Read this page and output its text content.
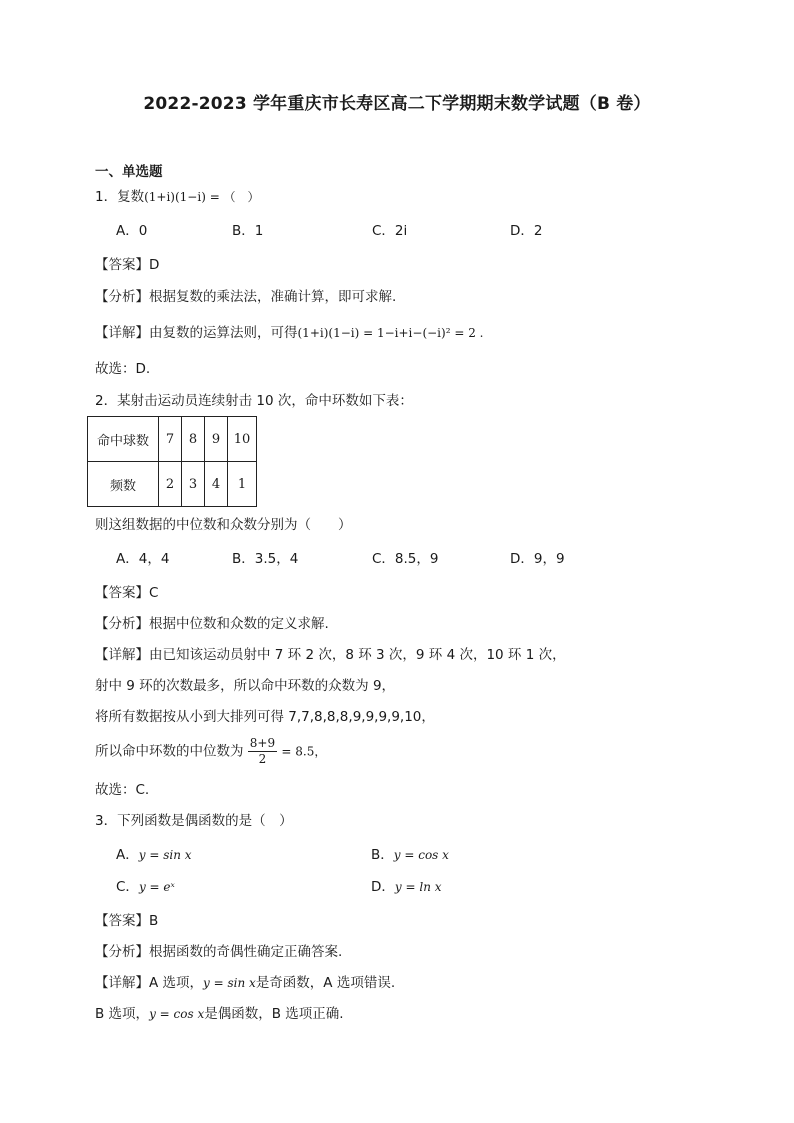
2022-2023 学年重庆市长寿区高二下学期期末数学试题（B 卷）
一、单选题
1．复数(1+i)(1−i) = （　）
A．0	B．1	C．2i	D．2
【答案】D
【分析】根据复数的乘法法，准确计算，即可求解.
【详解】由复数的运算法则，可得(1+i)(1−i) = 1−i+i−(−i)² = 2 .
故选：D.
2．某射击运动员连续射击 10 次，命中环数如下表：
命中球数	7	8	9	10
频数	2	3	4	1
则这组数据的中位数和众数分别为（　　）
A．4，4	B．3.5，4	C．8.5，9	D．9，9
【答案】C
【分析】根据中位数和众数的定义求解.
【详解】由已知该运动员射中 7 环 2 次，8 环 3 次，9 环 4 次，10 环 1 次，
射中 9 环的次数最多，所以命中环数的众数为 9，
将所有数据按从小到大排列可得 7,7,8,8,8,9,9,9,9,10，
所以命中环数的中位数为 $\frac{8+9}{2} = 8.5$，
故选：C.
3．下列函数是偶函数的是（　）
A．y = sin x	B．y = cos x
C．y = eˣ	D．y = ln x
【答案】B
【分析】根据函数的奇偶性确定正确答案.
【详解】A 选项，y = sin x是奇函数，A 选项错误.
B 选项，y = cos x是偶函数，B 选项正确.
